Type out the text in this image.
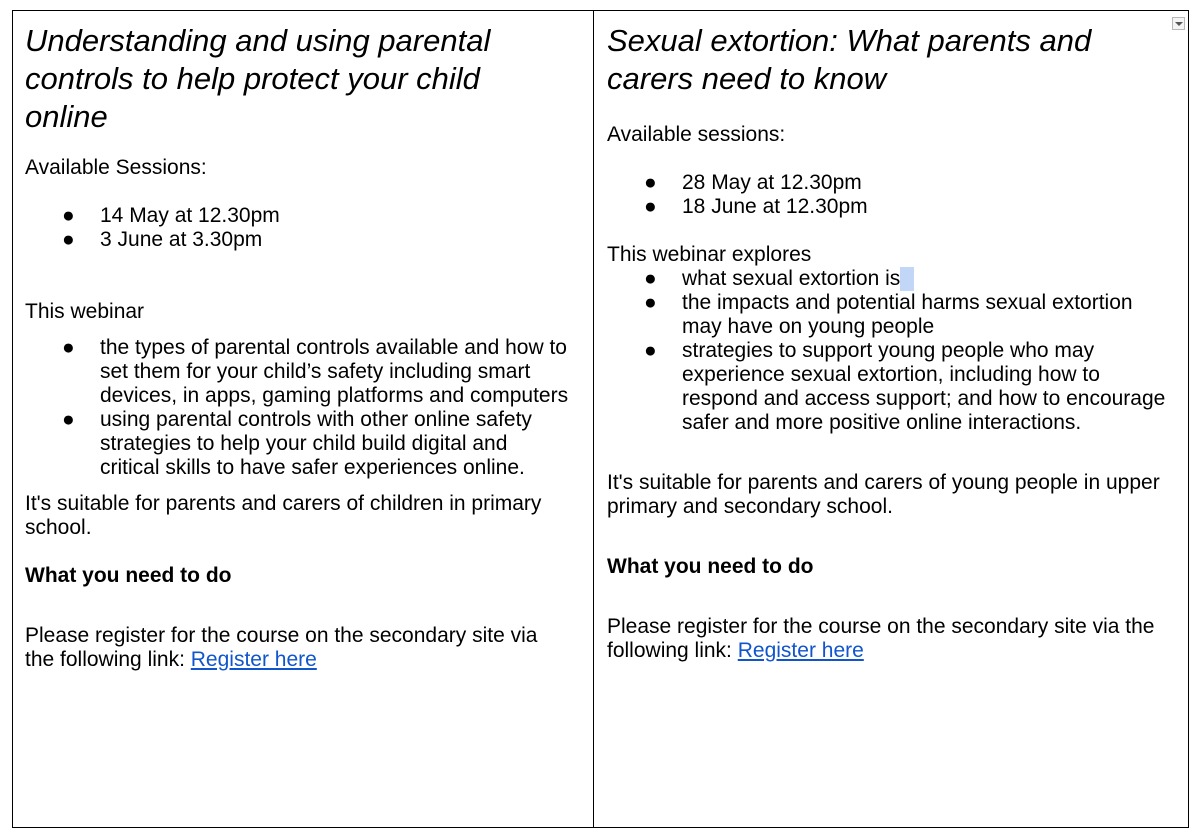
Understanding and using parental controls to help protect your child online

Available Sessions:

● 14 May at 12.30pm
● 3 June at 3.30pm

This webinar

● the types of parental controls available and how to set them for your child’s safety including smart devices, in apps, gaming platforms and computers
● using parental controls with other online safety strategies to help your child build digital and critical skills to have safer experiences online.

It's suitable for parents and carers of children in primary school.

What you need to do

Please register for the course on the secondary site via the following link: Register here

Sexual extortion: What parents and carers need to know

Available sessions:

● 28 May at 12.30pm
● 18 June at 12.30pm

This webinar explores

● what sexual extortion is
● the impacts and potential harms sexual extortion may have on young people
● strategies to support young people who may experience sexual extortion, including how to respond and access support; and how to encourage safer and more positive online interactions.

It's suitable for parents and carers of young people in upper primary and secondary school.

What you need to do

Please register for the course on the secondary site via the following link: Register here
